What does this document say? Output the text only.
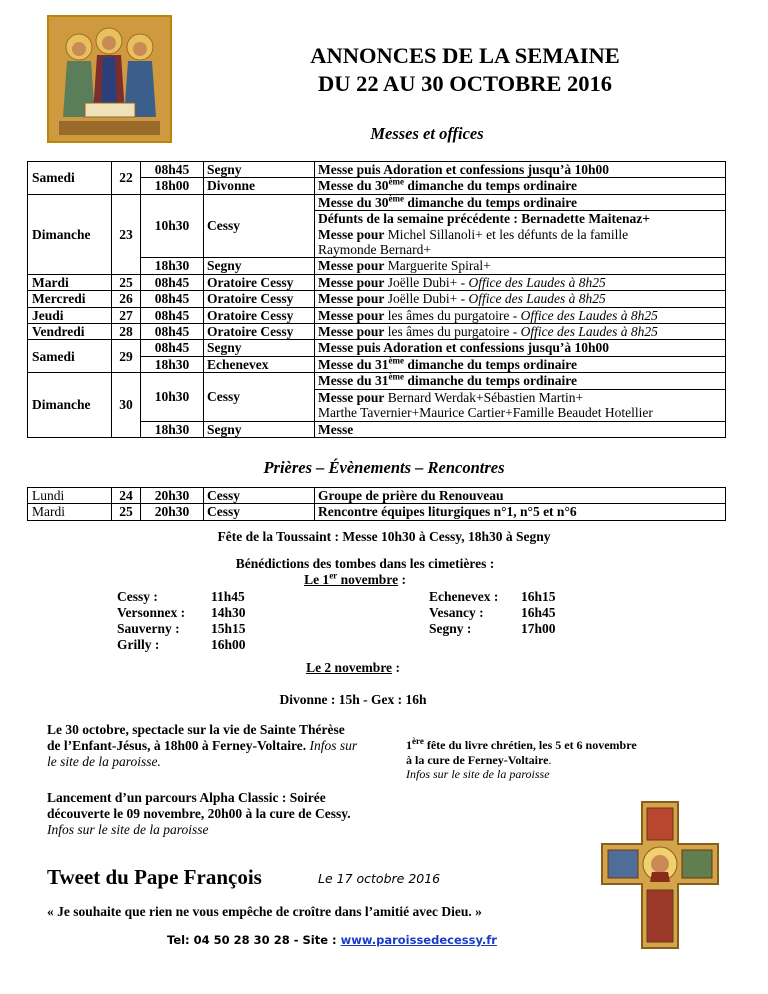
ANNONCES DE LA SEMAINE
DU 22 AU 30 OCTOBRE 2016
Messes et offices
Samedi	22	08h45	Segny	Messe puis Adoration et confessions jusqu’à 10h00
		18h00	Divonne	Messe du 30ème dimanche du temps ordinaire
Dimanche	23	10h30	Cessy	Messe du 30ème dimanche du temps ordinaire
				Défunts de la semaine précédente : Bernadette Maitenaz+
				Messe pour Michel Sillanoli+ et les défunts de la famille
				Raymonde Bernard+
		18h30	Segny	Messe pour Marguerite Spiral+
Mardi	25	08h45	Oratoire Cessy	Messe pour Joëlle Dubi+ - Office des Laudes à 8h25
Mercredi	26	08h45	Oratoire Cessy	Messe pour Joëlle Dubi+ - Office des Laudes à 8h25
Jeudi	27	08h45	Oratoire Cessy	Messe pour les âmes du purgatoire - Office des Laudes à 8h25
Vendredi	28	08h45	Oratoire Cessy	Messe pour les âmes du purgatoire - Office des Laudes à 8h25
Samedi	29	08h45	Segny	Messe puis Adoration et confessions jusqu’à 10h00
		18h30	Echenevex	Messe du 31ème dimanche du temps ordinaire
Dimanche	30	10h30	Cessy	Messe du 31ème dimanche du temps ordinaire
				Messe pour Bernard Werdak+Sébastien Martin+
				Marthe Tavernier+Maurice Cartier+Famille Beaudet Hotellier
		18h30	Segny	Messe
Prières – Évènements – Rencontres
Lundi	24	20h30	Cessy	Groupe de prière du Renouveau
Mardi	25	20h30	Cessy	Rencontre équipes liturgiques n°1, n°5 et n°6
Fête de la Toussaint : Messe 10h30 à Cessy, 18h30 à Segny
Bénédictions des tombes dans les cimetières :
Le 1er novembre :
Cessy :	11h45
Versonnex : 14h30
Sauverny : 15h15
Grilly :	16h00
Echenevex : 16h15
Vesancy :	16h45
Segny :	17h00
Le 2 novembre :
Divonne : 15h - Gex : 16h
Le 30 octobre, spectacle sur la vie de Sainte Thérèse de l’Enfant-Jésus, à 18h00 à Ferney-Voltaire. Infos sur le site de la paroisse.
1ère fête du livre chrétien, les 5 et 6 novembre
à la cure de Ferney-Voltaire.
Infos sur le site de la paroisse
Lancement d’un parcours Alpha Classic : Soirée découverte le 09 novembre, 20h00 à la cure de Cessy. Infos sur le site de la paroisse
Tweet du Pape François	Le 17 octobre 2016
« Je souhaite que rien ne vous empêche de croître dans l’amitié avec Dieu. »
Tel: 04 50 28 30 28 - Site : www.paroissedecessy.fr
